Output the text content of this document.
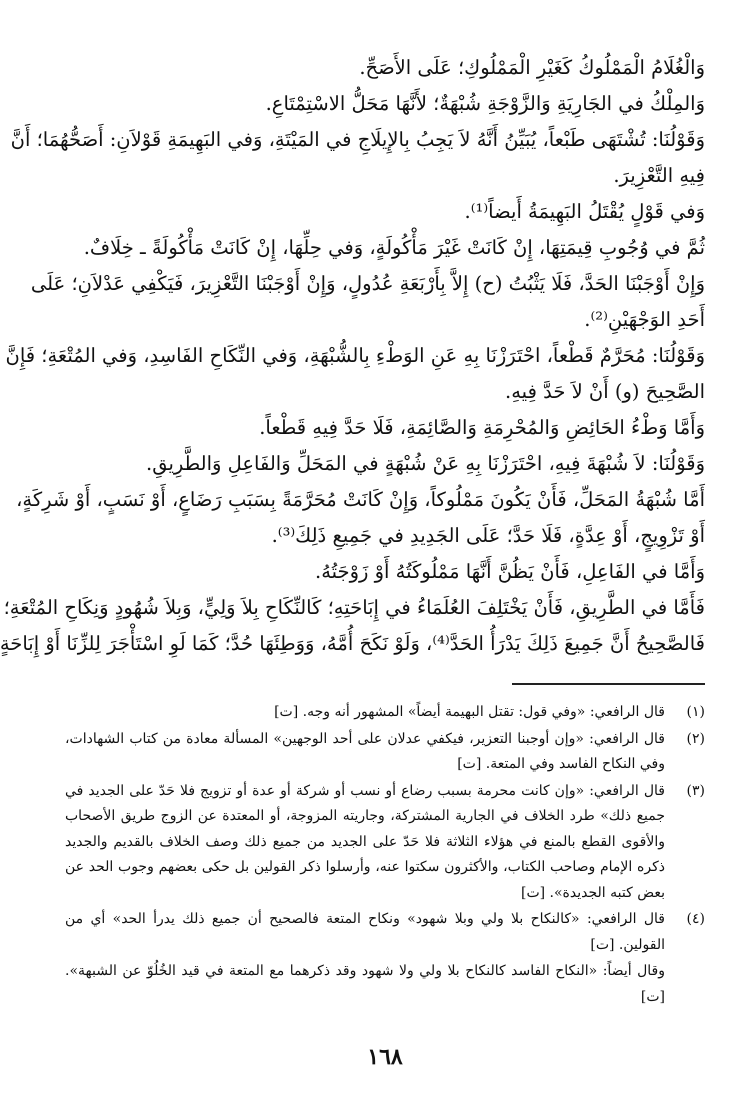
وَالْغُلَامُ الْمَمْلُوكُ كَغَيْرِ الْمَمْلُوكِ؛ عَلَى الأَصَحِّ.

وَالمِلْكُ في الجَارِيَةِ وَالزَّوْجَةِ شُبْهَةٌ؛ لأَنَّهَا مَحَلُّ الاسْتِمْتَاعِ.

وَقَوْلُنَا: تُشْتَهَى طَبْعاً، يُبَيِّنُ أَنَّهُ لاَ يَجِبُ بِالإِيلَاجِ في المَيْتَةِ، وَفي البَهِيمَةِ قَوْلاَنِ: أَصَحُّهُمَا؛ أَنَّ

فِيهِ التَّعْزِيرَ.

وَفي قَوْلٍ يُقْتَلُ البَهِيمَةُ أَيضاً⁽¹⁾.

ثُمَّ في وُجُوبِ قِيمَتِهَا، إِنْ كَانَتْ غَيْرَ مَأْكُولَةٍ، وَفي حِلِّهَا، إِنْ كَانَتْ مَأْكُولَةً ـ خِلَافٌ.

وَإِنْ أَوْجَبْنَا الحَدَّ، فَلَا يَثْبُتُ (ح) إِلاَّ بِأَرْبَعَةِ عُدُولٍ، وَإِنْ أَوْجَبْنَا التَّعْزِيرَ، فَيَكْفِي عَدْلاَنِ؛ عَلَى

أَحَدِ الوَجْهَيْنِ⁽²⁾.

وَقَوْلُنَا: مُحَرَّمٌ قَطْعاً، احْتَرَزْنَا بِهِ عَنِ الوَطْءِ بِالشُّبْهَةِ، وَفي النِّكَاحِ الفَاسِدِ، وَفي المُتْعَةِ؛ فَإِنَّ

الصَّحِيحَ (و) أَنْ لاَ حَدَّ فِيهِ.

وَأَمَّا وَطْءُ الحَائِضِ وَالمُحْرِمَةِ وَالصَّائِمَةِ، فَلَا حَدَّ فِيهِ قَطْعاً.

وَقَوْلُنَا: لاَ شُبْهَةَ فِيهِ، احْتَرَزْنَا بِهِ عَنْ شُبْهَةٍ في المَحَلِّ وَالفَاعِلِ وَالطَّرِيقِ.

أَمَّا شُبْهَةُ المَحَلِّ، فَأَنْ يَكُونَ مَمْلُوكاً، وَإِنْ كَانَتْ مُحَرَّمَةً بِسَبَبِ رَضَاعٍ، أَوْ نَسَبٍ، أَوْ شَرِكَةٍ،

أَوْ تَزْوِيجٍ، أَوْ عِدَّةٍ، فَلَا حَدَّ؛ عَلَى الجَدِيدِ في جَمِيعِ ذَلِكَ⁽³⁾.

وَأَمَّا في الفَاعِلِ، فَأَنْ يَظُنَّ أَنَّهَا مَمْلُوكَتُهُ أَوْ زَوْجَتُهُ.

فَأَمَّا في الطَّرِيقِ، فَأَنْ يَخْتَلِفَ العُلَمَاءُ في إِبَاحَتِهِ؛ كَالنِّكَاحِ بِلاَ وَلِيٍّ، وَبِلاَ شُهُودٍ وَنِكَاحِ المُتْعَةِ؛

فَالصَّحِيحُ أَنَّ جَمِيعَ ذَلِكَ يَدْرَأُ الحَدَّ⁽⁴⁾، وَلَوْ نَكَحَ أُمَّهُ، وَوَطِئَهَا حُدَّ؛ كَمَا لَوِ اسْتَأْجَرَ لِلزِّنَا أَوْ إِبَاحَةٍ

(١)
قال الرافعي: «وفي قول: تقتل البهيمة أيضاً» المشهور أنه وجه. [ت]
(٢)
قال الرافعي: «وإن أوجبنا التعزير، فيكفي عدلان على أحد الوجهين» المسألة معادة من كتاب الشهادات، وفي النكاح الفاسد وفي المتعة. [ت]
(٣)
قال الرافعي: «وإن كانت محرمة بسبب رضاع أو نسب أو شركة أو عدة أو تزويج فلا حَدّ على الجديد في جميع ذلك» طرد الخلاف في الجارية المشتركة، وجاريته المزوجة، أو المعتدة عن الزوج طريق الأصحاب والأقوى القطع بالمنع في هؤلاء الثلاثة فلا حَدّ على الجديد من جميع ذلك وصف الخلاف بالقديم والجديد ذكره الإمام وصاحب الكتاب، والأكثرون سكتوا عنه، وأرسلوا ذكر القولين بل حكى بعضهم وجوب الحد عن بعض كتبه الجديدة». [ت]
(٤)
قال الرافعي: «كالنكاح بلا ولي وبلا شهود» ونكاح المتعة فالصحيح أن جميع ذلك يدرأ الحد» أي من القولين. [ت]
وقال أيضاً: «النكاح الفاسد كالنكاح بلا ولي ولا شهود وقد ذكرهما مع المتعة في قيد الخُلُوّ عن الشبهة». [ت]
١٦٨
